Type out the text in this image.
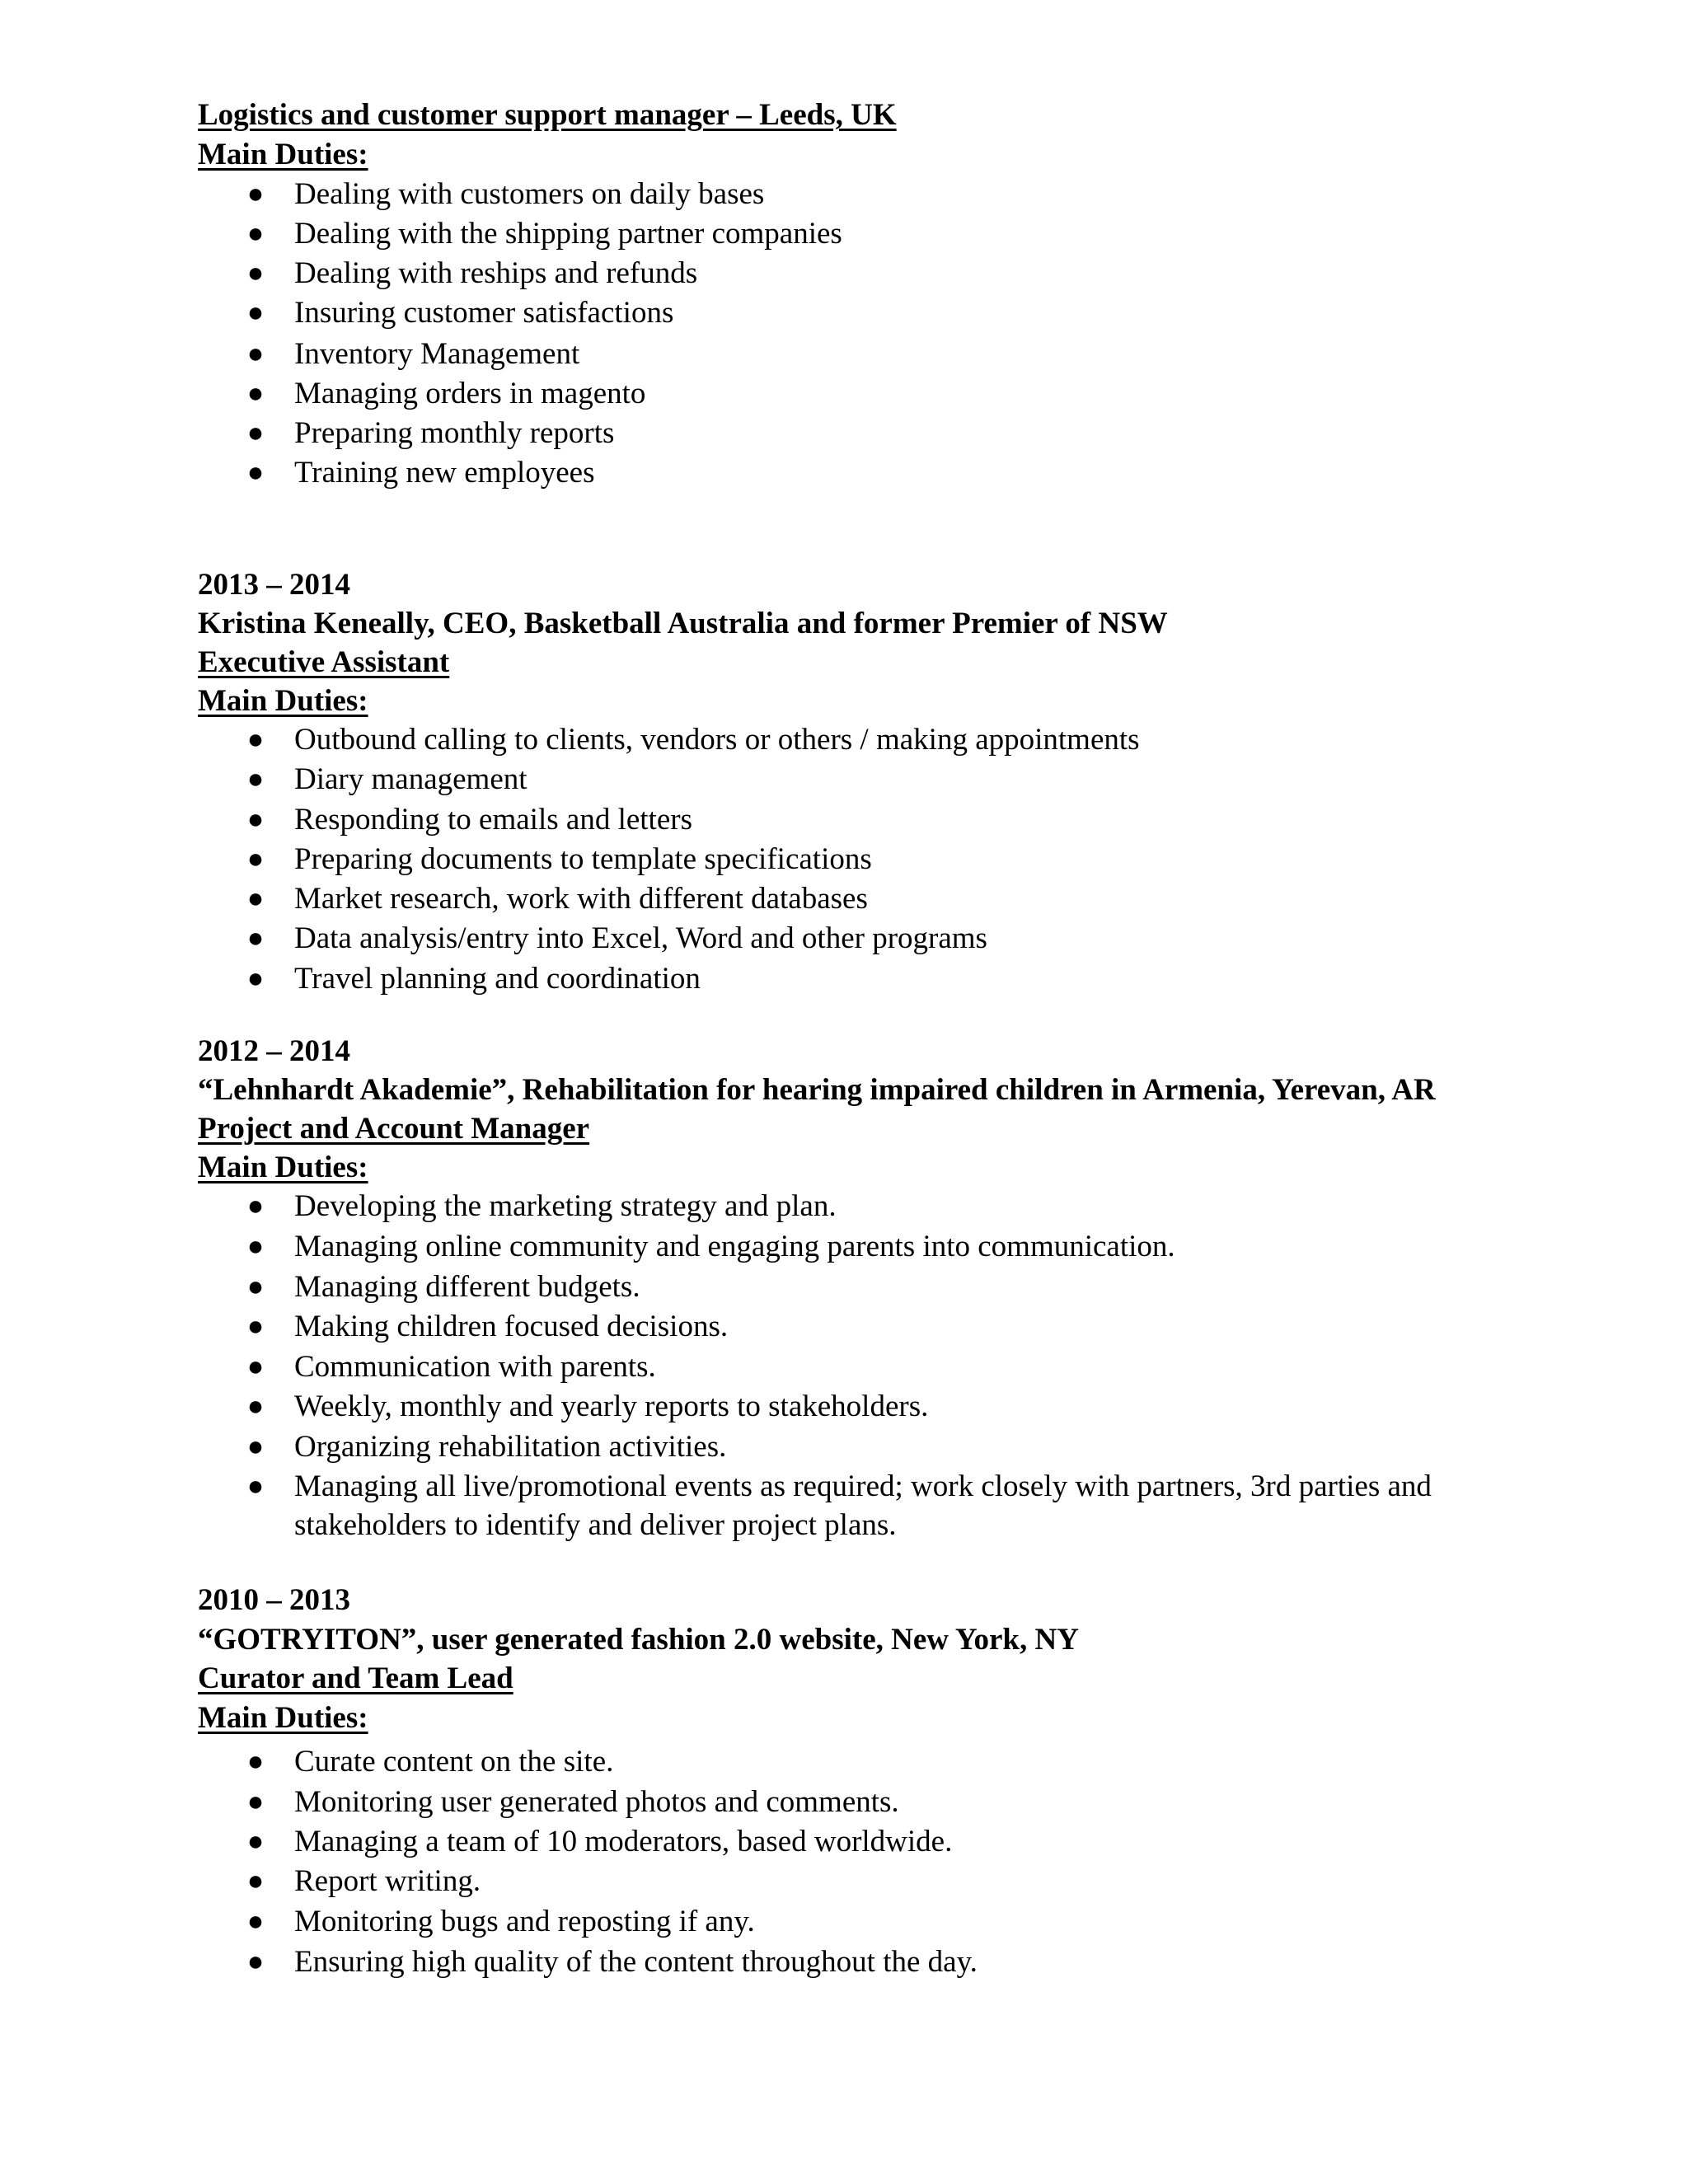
Logistics and customer support manager – Leeds, UK
Main Duties:
● Dealing with customers on daily bases
● Dealing with the shipping partner companies
● Dealing with reships and refunds
● Insuring customer satisfactions
● Inventory Management
● Managing orders in magento
● Preparing monthly reports
● Training new employees
2013 – 2014
Kristina Keneally, CEO, Basketball Australia and former Premier of NSW
Executive Assistant
Main Duties:
● Outbound calling to clients, vendors or others / making appointments
● Diary management
● Responding to emails and letters
● Preparing documents to template specifications
● Market research, work with different databases
● Data analysis/entry into Excel, Word and other programs
● Travel planning and coordination
2012 – 2014
“Lehnhardt Akademie”, Rehabilitation for hearing impaired children in Armenia, Yerevan, AR
Project and Account Manager
Main Duties:
● Developing the marketing strategy and plan.
● Managing online community and engaging parents into communication.
● Managing different budgets.
● Making children focused decisions.
● Communication with parents.
● Weekly, monthly and yearly reports to stakeholders.
● Organizing rehabilitation activities.
● Managing all live/promotional events as required; work closely with partners, 3rd parties and
stakeholders to identify and deliver project plans.
2010 – 2013
“GOTRYITON”, user generated fashion 2.0 website, New York, NY
Curator and Team Lead
Main Duties:
● Curate content on the site.
● Monitoring user generated photos and comments.
● Managing a team of 10 moderators, based worldwide.
● Report writing.
● Monitoring bugs and reposting if any.
● Ensuring high quality of the content throughout the day.
